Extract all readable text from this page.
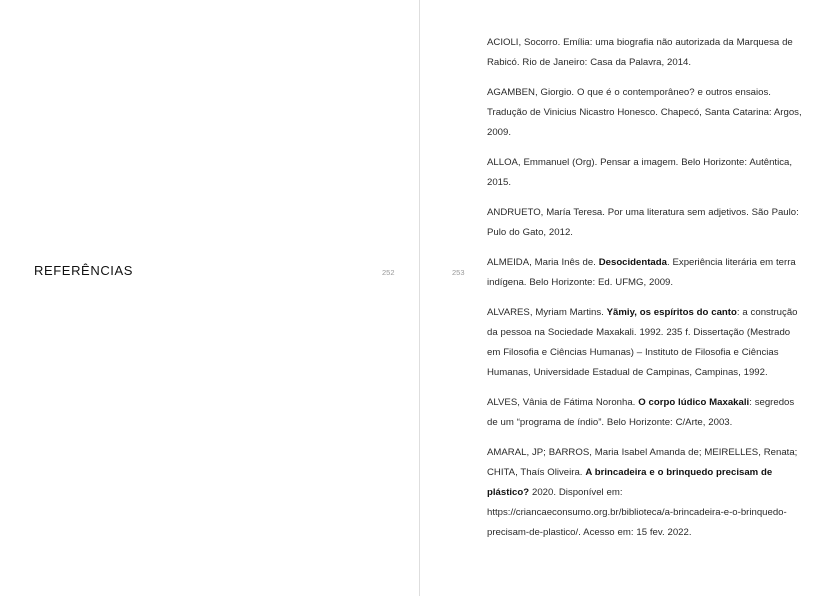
REFERÊNCIAS	252	253

ACIOLI, Socorro. Emília: uma biografia não autorizada da Marquesa de Rabicó. Rio de Janeiro: Casa da Palavra, 2014.

AGAMBEN, Giorgio. O que é o contemporâneo? e outros ensaios. Tradução de Vinicius Nicastro Honesco. Chapecó, Santa Catarina: Argos, 2009.

ALLOA, Emmanuel (Org). Pensar a imagem. Belo Horizonte: Autêntica, 2015.

ANDRUETO, María Teresa. Por uma literatura sem adjetivos. São Paulo: Pulo do Gato, 2012.

ALMEIDA, Maria Inês de. Desocidentada. Experiência literária em terra indígena. Belo Horizonte: Ed. UFMG, 2009.

ALVARES, Myriam Martins. Yãmiy, os espíritos do canto: a construção da pessoa na Sociedade Maxakali. 1992. 235 f. Dissertação (Mestrado em Filosofia e Ciências Humanas) – Instituto de Filosofia e Ciências Humanas, Universidade Estadual de Campinas, Campinas, 1992.

ALVES, Vânia de Fátima Noronha. O corpo lúdico Maxakali: segredos de um “programa de índio”. Belo Horizonte: C/Arte, 2003.

AMARAL, JP; BARROS, Maria Isabel Amanda de; MEIRELLES, Renata; CHITA, Thaís Oliveira. A brincadeira e o brinquedo precisam de plástico? 2020. Disponível em: https://criancaeconsumo.org.br/biblioteca/a-brincadeira-e-o-brinquedo-precisam-de-plastico/. Acesso em: 15 fev. 2022.
